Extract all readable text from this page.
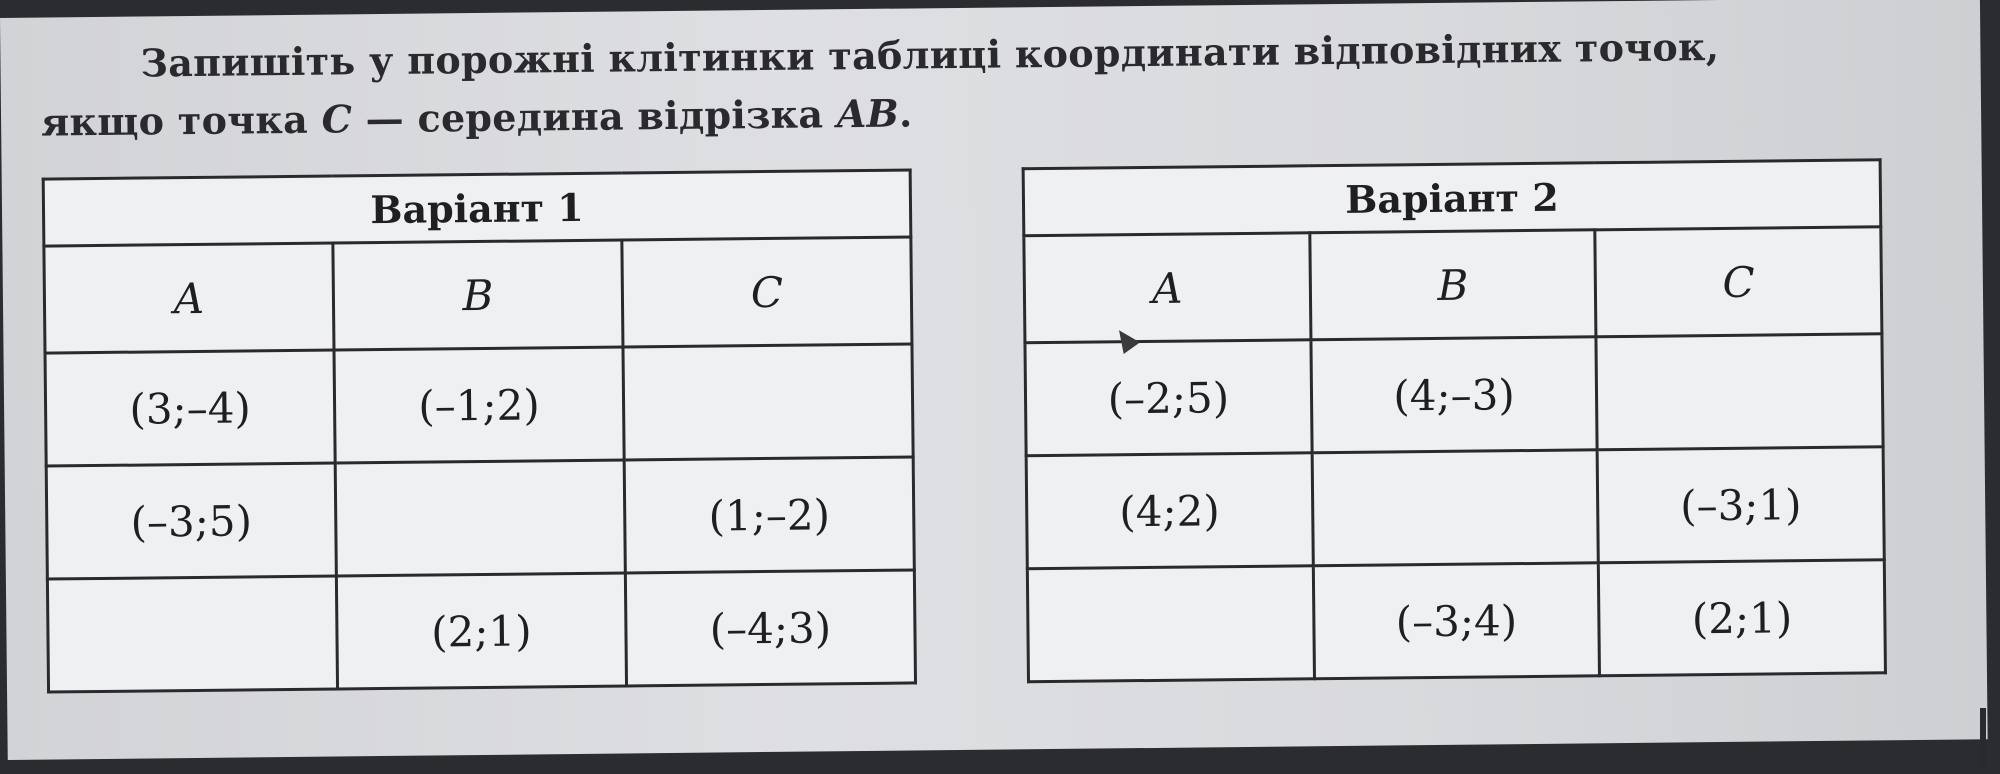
Запишіть у порожні клітинки таблиці координати відповідних точок,
якщо точка C — середина відрізка AB.
Варіант 1		
A	B	C
(3;–4)	(–1;2)	
(–3;5)		(1;–2)
	(2;1)	(–4;3)
Варіант 2		
A	B	C
(–2;5)	(4;–3)	
(4;2)		(–3;1)
	(–3;4)	(2;1)
